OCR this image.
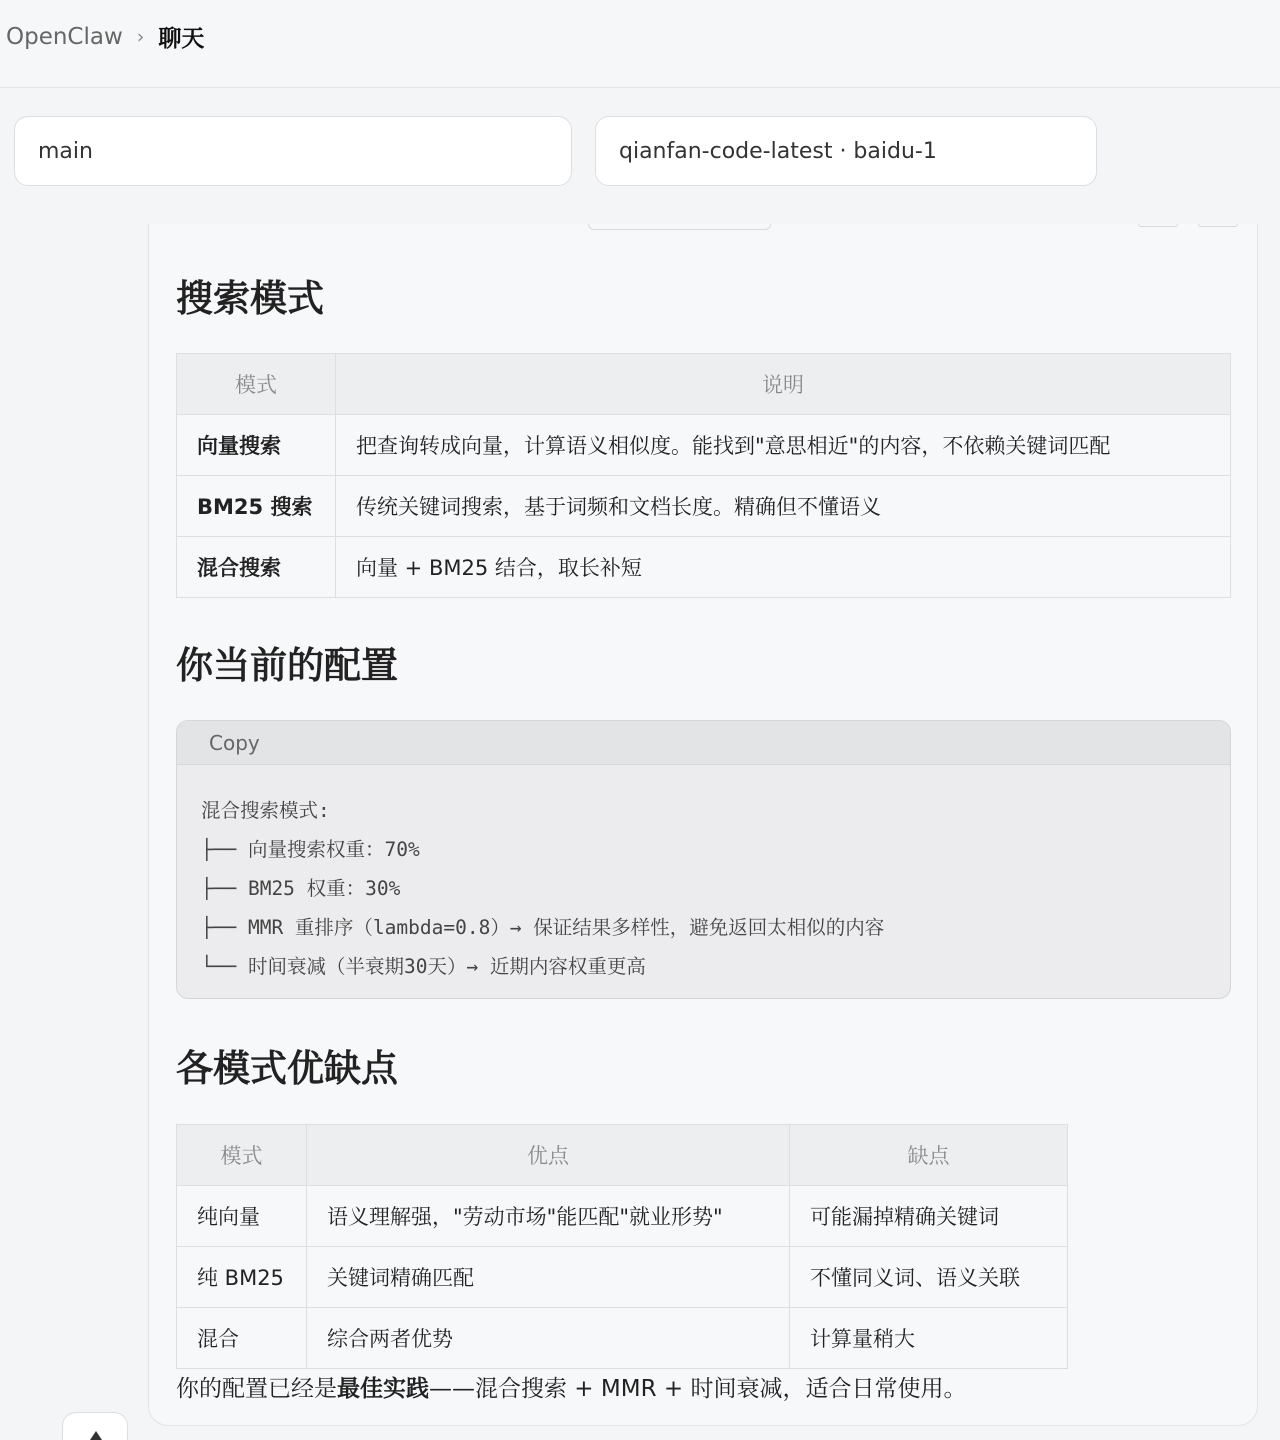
OpenClaw › 聊天
main	qianfan-code-latest · baidu-1
搜索模式
模式	说明
向量搜索	把查询转成向量，计算语义相似度。能找到"意思相近"的内容，不依赖关键词匹配
BM25 搜索	传统关键词搜索，基于词频和文档长度。精确但不懂语义
混合搜索	向量 + BM25 结合，取长补短
你当前的配置
Copy
混合搜索模式:
├── 向量搜索权重：70%
├── BM25 权重：30%
├── MMR 重排序（lambda=0.8）→ 保证结果多样性，避免返回太相似的内容
└── 时间衰减（半衰期30天）→ 近期内容权重更高
各模式优缺点
模式	优点	缺点
纯向量	语义理解强，"劳动市场"能匹配"就业形势"	可能漏掉精确关键词
纯 BM25	关键词精确匹配	不懂同义词、语义关联
混合	综合两者优势	计算量稍大
你的配置已经是最佳实践——混合搜索 + MMR + 时间衰减，适合日常使用。
